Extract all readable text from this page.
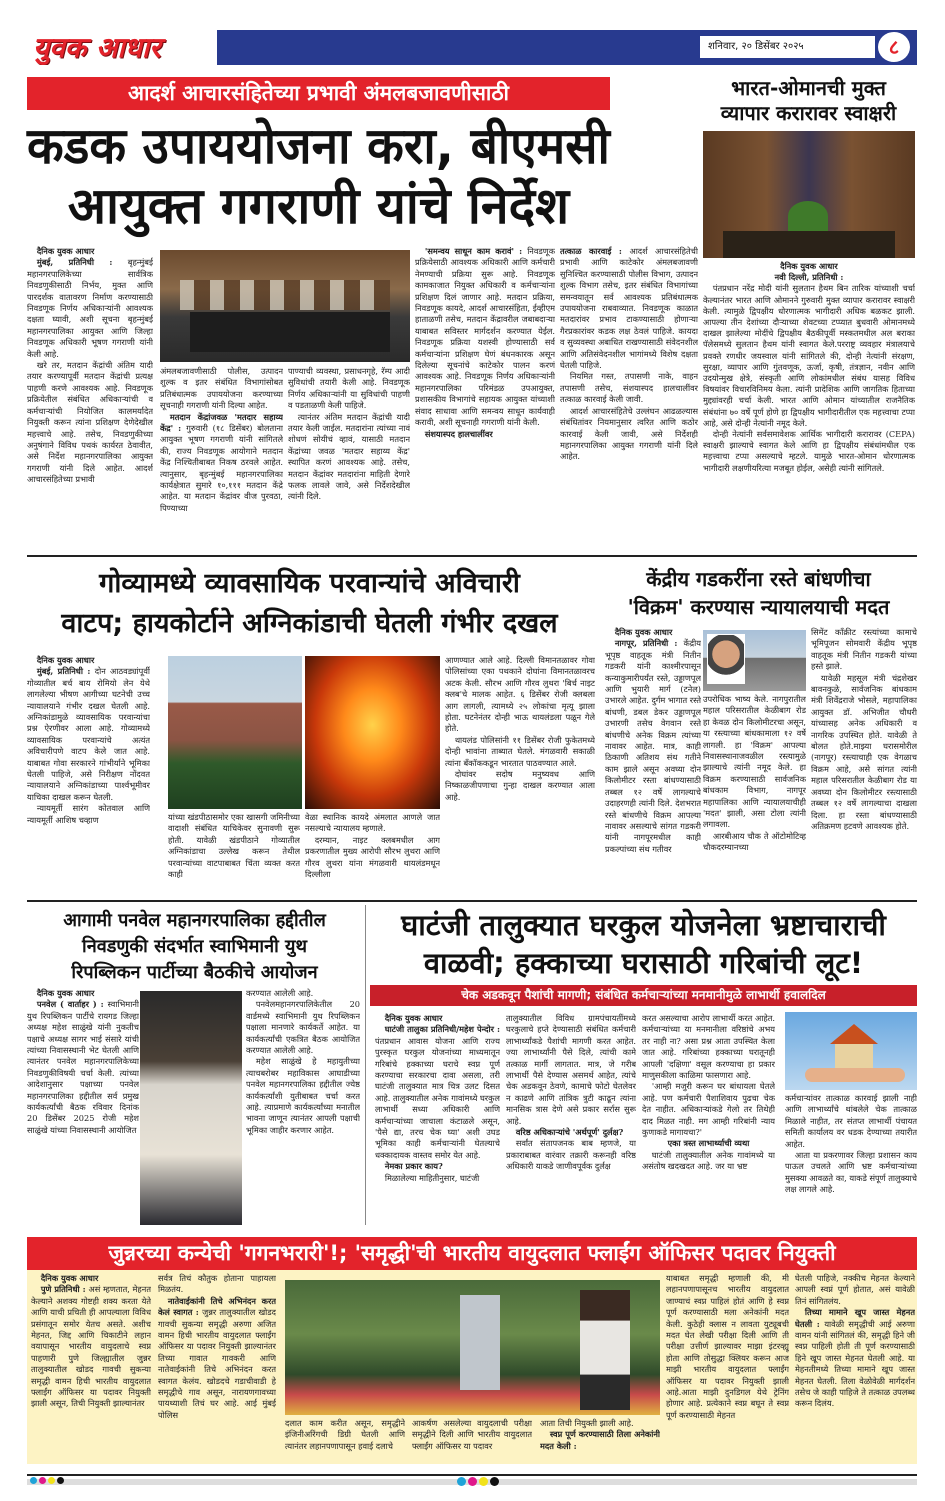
युवक आधार	शनिवार, २० डिसेंबर २०२५	८
आदर्श आचारसंहितेच्या प्रभावी अंमलबजावणीसाठी
कडक उपाययोजना करा, बीएमसी
आयुक्त गगराणी यांचे निर्देश

दैनिक युवक आधार

मुंबई, प्रतिनिधी : बृहन्मुंबई महानगरपालिकेच्या सार्वत्रिक निवडणुकीसाठी निर्भय, मुक्त आणि पारदर्शक वातावरण निर्माण करण्यासाठी निवडणूक निर्णय अधिकाऱ्यांनी आवश्यक दक्षता घ्यावी, अशी सूचना बृहन्मुंबई महानगरपालिका आयुक्त आणि जिल्हा निवडणूक अधिकारी भूषण गगराणी यांनी केली आहे.

खरे तर, मतदान केंद्रांची अंतिम यादी तयार करण्यापूर्वी मतदान केंद्रांची प्रत्यक्ष पाहणी करणे आवश्यक आहे. निवडणूक प्रक्रियेतील संबंधित अधिकाऱ्यांची व कर्मचाऱ्यांची नियोजित कालमर्यादेत नियुक्ती करून त्यांना प्रशिक्षण देणेदेखील महत्त्वाचे आहे. तसेच, निवडणुकीच्या अनुषंगाने विविध पथकं कार्यरत ठेवावीत, असे निर्देश महानगरपालिका आयुक्त गगराणी यांनी दिले आहेत. आदर्श आचारसंहितेच्या प्रभावी

अंमलबजावणीसाठी पोलीस, उत्पादन शुल्क व इतर संबंधित विभागांसोबत प्रतिबंधात्मक उपाययोजना करण्याच्या सूचनाही गगराणी यांनी दिल्या आहेत.

मतदान केंद्रांजवळ 'मतदार सहाय्य केंद्र' : गुरुवारी (१८ डिसेंबर) बोलताना आयुक्त भूषण गगराणी यांनी सांगितले की, राज्य निवडणूक आयोगाने मतदान केंद्र निश्चितीबाबत निकष ठरवले आहेत. त्यानुसार, बृहन्मुंबई महानगरपालिका कार्यक्षेत्रात सुमारे १०,१११ मतदान केंद्रे आहेत. या मतदान केंद्रांवर वीज पुरवठा, पिण्याच्या

पाण्याची व्यवस्था, प्रसाधनगृहे, रॅम्प आदी सुविधांची तयारी केली आहे. निवडणूक निर्णय अधिकाऱ्यांनी या सुविधांची पाहणी व पडताळणी केली पाहिजे.

त्यानंतर अंतिम मतदान केंद्रांची यादी तयार केली जाईल. मतदारांना त्यांच्या नावं शोधणं सोयीचं व्हावं, यासाठी मतदान केंद्रांच्या जवळ 'मतदार सहाय्य केंद्र' स्थापित करणं आवश्यक आहे. तसेच, मतदान केंद्रांवर मतदारांना माहिती देणारे फलक लावले जावे, असे निर्देशदेखील त्यांनी दिले.

'समन्वय साधून काम करावं' : निवडणूक प्रक्रियेसाठी आवश्यक अधिकारी आणि कर्मचारी नेमण्याची प्रक्रिया सुरू आहे. निवडणूक कामकाजात नियुक्त अधिकारी व कर्मचाऱ्यांना प्रशिक्षण दिलं जाणार आहे. मतदान प्रक्रिया, निवडणूक कायदे, आदर्श आचारसंहिता, ईव्हीएम हाताळणी तसेच, मतदान केंद्रावरील जबाबदाऱ्या याबाबत सविस्तर मार्गदर्शन करण्यात येईल. निवडणूक प्रक्रिया यशस्वी होण्यासाठी सर्व कर्मचाऱ्यांना प्रशिक्षण घेणं बंधनकारक असून दिलेल्या सूचनांचे काटेकोर पालन करणं आवश्यक आहे. निवडणूक निर्णय अधिकाऱ्यांनी महानगरपालिका परिमंडळ उपआयुक्त, प्रशासकीय विभागांचे सहायक आयुक्त यांच्याशी संवाद साधावा आणि समन्वय साधून कार्यवाही करावी, अशी सूचनाही गगराणी यांनी केली.

संशयास्पद हालचालींवर

तत्काळ कारवाई : आदर्श आचारसंहितेची प्रभावी आणि काटेकोर अंमलबजावणी सुनिश्चित करण्यासाठी पोलीस विभाग, उत्पादन शुल्क विभाग तसेच, इतर संबंधित विभागांच्या समन्वयातून सर्व आवश्यक प्रतिबंधात्मक उपाययोजना राबवाव्यात. निवडणूक काळात मतदारांवर प्रभाव टाकण्यासाठी होणाऱ्या गैरप्रकारांवर कडक लक्ष ठेवलं पाहिजे. कायदा व सुव्यवस्था अबाधित राखण्यासाठी संवेदनशील आणि अतिसंवेदनशील भागांमध्ये विशेष दक्षता घेतली पाहिजे.

नियमित गस्त, तपासणी नाके, वाहन तपासणी तसेच, संशयास्पद हालचालींवर तत्काळ कारवाई केली जावी.

आदर्श आचारसंहितेचे उल्लंघन आढळल्यास संबंधितांवर नियमानुसार त्वरित आणि कठोर कारवाई केली जावी, असे निर्देशही महानगरपालिका आयुक्त गगराणी यांनी दिले आहेत.

भारत-ओमानची मुक्त
व्यापार करारावर स्वाक्षरी

दैनिक युवक आधार

नवी दिल्ली, प्रतिनिधी :

पंतप्रधान नरेंद्र मोदी यांनी सुलतान हैथम बिन तारिक यांच्याशी चर्चा केल्यानंतर भारत आणि ओमानने गुरुवारी मुक्त व्यापार करारावर स्वाक्षरी केली. त्यामुळे द्विपक्षीय धोरणात्मक भागीदारी अधिक बळकट झाली. आपल्या तीन देशांच्या दौऱ्याच्या शेवटच्या टप्प्यात बुधवारी ओमानमध्ये दाखल झालेल्या मोदींचे द्विपक्षीय बैठकीपूर्वी मस्कतमधील अल बराका पॅलेसमध्ये सुलतान हैथम यांनी स्वागत केले.परराष्ट्र व्यवहार मंत्रालयाचे प्रवक्ते रणधीर जयस्वाल यांनी सांगितले की, दोन्ही नेत्यांनी संरक्षण, सुरक्षा, व्यापार आणि गुंतवणूक, ऊर्जा, कृषी, तंत्रज्ञान, नवीन आणि उदयोन्मुख क्षेत्रे, संस्कृती आणि लोकांमधील संबंध यासह विविध विषयांवर विचारविनिमय केला. त्यांनी प्रादेशिक आणि जागतिक हिताच्या मुद्द्यांवरही चर्चा केली. भारत आणि ओमान यांच्यातील राजनैतिक संबंधांना ७० वर्षे पूर्ण होणे हा द्विपक्षीय भागीदारीतील एक महत्त्वाचा टप्पा आहे, असे दोन्ही नेत्यांनी नमूद केले.

दोन्ही नेत्यांनी सर्वसमावेशक आर्थिक भागीदारी करारावर (CEPA) स्वाक्षरी झाल्याचे स्वागत केले आणि हा द्विपक्षीय संबंधांमधील एक महत्त्वाचा टप्पा असल्याचे म्हटले. यामुळे भारत-ओमान धोरणात्मक भागीदारी लक्षणीयरित्या मजबूत होईल, असेही त्यांनी सांगितले.

गोव्यामध्ये व्यावसायिक परवान्यांचे अविचारी
वाटप; हायकोर्टाने अग्निकांडाची घेतली गंभीर दखल

दैनिक युवक आधार

मुंबई, प्रतिनिधी : दोन आठवड्यांपूर्वी गोव्यातील बर्च बाय रोमियो लेन येथे लागलेल्या भीषण आगीच्या घटनेची उच्च न्यायालयाने गंभीर दखल घेतली आहे. अग्निकांडामुळे व्यावसायिक परवान्यांचा प्रश्न ऐरणीवर आला आहे. गोव्यामध्ये व्यावसायिक परवान्यांचे अत्यंत अविचारीपणे वाटप केले जात आहे. याबाबत गोवा सरकारने गांभीर्याने भूमिका घेतली पाहिजे, असे निरीक्षण नोंदवत न्यायालयाने अग्निकांडाच्या पार्श्वभूमीवर याचिका दाखल करून घेतली.

न्यायमूर्ती सारंग कोतवाल आणि न्यायमूर्ती आशिष चव्हाण	यांच्या खंडपीठासमोर एका खासगी जमिनीच्या वादाशी संबंधित याचिकेवर सुनावणी सुरू होती. यावेळी खंडपीठाने गोव्यातील अग्निकांडाचा उल्लेख करून तेथील परवान्यांच्या वाटपाबाबत चिंता व्यक्त करत काही

वेळा स्थानिक कायदे अंमलात आणले जात नसल्याचे न्यायालय म्हणाले.

दरम्यान, नाइट क्लबमधील आग प्रकरणातील मुख्य आरोपी सौरभ लुथरा आणि गौरव लुथरा यांना मंगळवारी थायलंडमधून दिल्लीला

आणण्यात आले आहे. दिल्ली विमानतळावर गोवा पोलिसांच्या एका पथकाने दोघांना विमानतळावरच अटक केली. सौरभ आणि गौरव लुथरा 'बिर्च नाइट क्लब'चे मालक आहेत. ६ डिसेंबर रोजी क्लबला आग लागली, त्यामध्ये २५ लोकांचा मृत्यू झाला होता. घटनेनंतर दोन्ही भाऊ थायलंडला पळून गेले होते.

थायलंड पोलिसांनी ११ डिसेंबर रोजी फुकेतमध्ये दोन्ही भावांना ताब्यात घेतले. मंगळवारी सकाळी त्यांना बँकॉककडून भारतात पाठवण्यात आले.

दोघांवर सदोष मनुष्यवध आणि निष्काळजीपणाचा गुन्हा दाखल करण्यात आला आहे.

केंद्रीय गडकरींना रस्ते बांधणीचा
'विक्रम' करण्यास न्यायालयाची मदत

दैनिक युवक आधार

नागपूर, प्रतिनिधी : केंद्रीय भूपृष्ठ वाहतूक मंत्री नितीन गडकरी यांनी काश्मीरपासून कन्याकुमारीपर्यंत रस्ते, उड्डाणपूल आणि भुयारी मार्ग (टनेल) उभारले आहेत. दुर्गम भागात रस्ते बांधणी, डबल डेकर उड्डाणपूल उभारणी तसेच वेगवान रस्ते बांधणीचे अनेक विक्रम त्यांच्या नावावर आहेत. मात्र, काही ठिकाणी अतिशय संथ गतीने काम झाले असून अवघ्या दोन किलोमीटर रस्ता बांधण्यासाठी तब्बल १२ वर्षे लागल्याचे उदाहरणही त्यांनी दिले. देशभरात रस्ते बांधणीचे विक्रम आपल्या नावावर असल्याचे सांगत गडकरी यांनी नागपूरमधील काही प्रकल्पांच्या संथ गतीवर

उपरोधिक भाष्य केले. नागपुरातील महाल परिसरातील केळीबाग रोड हा केवळ दोन किलोमीटरचा असून, या रस्त्याच्या बांधकामाला १२ वर्षे लागली. हा 'विक्रम' आपल्या निवासस्थानाजवळील रस्त्यामुळे झाल्याचे त्यांनी नमूद केले. हा विक्रम करण्यासाठी सार्वजनिक बांधकाम विभाग, नागपूर महापालिका आणि न्यायालयाचीही 'मदत' झाली, असा टोला त्यांनी लगावला.

आरबीआय चौक ते ऑटोमोटिव्ह चौकदरम्यानच्या

सिमेंट काँक्रीट रस्त्यांच्या कामाचे भूमिपूजन सोमवारी केंद्रीय भूपृष्ठ वाहतूक मंत्री नितीन गडकरी यांच्या हस्ते झाले.

यावेळी महसूल मंत्री चंद्रशेखर बावनकुळे, सार्वजनिक बांधकाम मंत्री शिवेंद्रराजे भोसले, महापालिका आयुक्त डॉ. अभिजीत चौधरी यांच्यासह अनेक अधिकारी व नागरिक उपस्थित होते. यावेळी ते बोलत होते.माझ्या घरासमोरील (नागपूर) रस्त्याचाही एक वेगळाच विक्रम आहे, असे सांगत त्यांनी महाल परिसरातील केळीबाग रोड या अवघ्या दोन किलोमीटर रस्त्यासाठी तब्बल १२ वर्षे लागल्याचा दाखला दिला. हा रस्ता बांधण्यासाठी अतिक्रमण हटवणे आवश्यक होते.

आगामी पनवेल महानगरपालिका हद्दीतील
निवडणुकी संदर्भात स्वाभिमानी युथ
रिपब्लिकन पार्टीच्या बैठकीचे आयोजन

दैनिक युवक आधार

पनवेल ( वार्ताहर ) : स्वाभिमानी युथ रिपब्लिकन पार्टीचे रायगड जिल्हा अध्यक्ष महेश साळुंखे यांनी नुकतीच पक्षाचे अध्यक्ष सागर भाई संसारे यांची त्यांच्या निवासस्थानी भेट घेतली आणि त्यानंतर पनवेल महानगरपालिकेच्या निवडणुकीविषयी चर्चा केली. त्यांच्या आदेशानुसार पक्षाच्या पनवेल महानगरपालिका हद्दीतील सर्व प्रमुख कार्यकर्त्यांची बैठक रविवार दिनांक 20 डिसेंबर 2025 रोजी महेश साळुंखे यांच्या निवासस्थानी आयोजित

करण्यात आलेली आहे.

पनवेलमहानगरपालिकेतील 20 वार्डमध्ये स्वाभिमानी युथ रिपब्लिकन पक्षाला मानणारे कार्यकर्ते आहेत. या कार्यकर्त्यांची एकत्रित बैठक आयोजित करण्यात आलेली आहे.

महेश साळुंखे हे महायुतीच्या त्याचबरोबर महाविकास आघाडीच्या पनवेल महानगरपालिका हद्दीतील ज्येष्ठ कार्यकर्त्यांशी युतीबाबत चर्चा करत आहे. त्याप्रमाणे कार्यकर्त्यांच्या मनातील भावना जाणून त्यानंतर आपली पक्षाची भूमिका जाहीर करणार आहेत.

घाटंजी तालुक्यात घरकुल योजनेला भ्रष्टाचाराची
वाळवी; हक्काच्या घरासाठी गरिबांची लूट!
चेक अडकवून पैशांची मागणी; संबंधित कर्मचाऱ्यांच्या मनमानीमुळे लाभार्थी हवालदिल

दैनिक युवक आधार

घाटंजी तालुका प्रतिनिधी/महेश पेन्दोर : पंतप्रधान आवास योजना आणि राज्य पुरस्कृत घरकुल योजनांच्या माध्यमातून गरिबांचे हक्काच्या घराचे स्वप्न पूर्ण करण्याचा सरकारचा दावा असला, तरी घाटंजी तालुक्यात मात्र चित्र उलट दिसत आहे. तालुक्यातील अनेक गावांमध्ये घरकुल लाभार्थी सध्या अधिकारी आणि कर्मचाऱ्यांच्या जाचाला कंटाळले असून, 'पैसे द्या, तरच चेक घ्या' अशी उघड भूमिका काही कर्मचाऱ्यांनी घेतल्याचे धक्कादायक वास्तव समोर येत आहे.

नेमका प्रकार काय?

मिळालेल्या माहितीनुसार, घाटंजी

तालुक्यातील विविध ग्रामपंचायतींमध्ये घरकुलाचे हप्ते देण्यासाठी संबंधित कर्मचारी लाभार्थ्यांकडे पैशांची मागणी करत आहेत. ज्या लाभार्थ्यांनी पैसे दिले, त्यांची कामे तत्काळ मार्गी लागतात. मात्र, जे गरीब लाभार्थी पैसे देण्यास असमर्थ आहेत, त्यांचे चेक अडकवून ठेवणे, कामाचे फोटो घेतलेवर न काढणे आणि तांत्रिक त्रुटी काढून त्यांना मानसिक त्रास देणे असे प्रकार सर्रास सुरू आहे.

वरिष्ठ अधिकाऱ्यांचे 'अर्थपूर्ण' दुर्लक्ष?

सर्वांत संतापजनक बाब म्हणजे, या प्रकाराबाबत वारंवार तक्रारी करूनही वरिष्ठ अधिकारी याकडे जाणीवपूर्वक दुर्लक्ष

करत असल्याचा आरोप लाभार्थी करत आहेत. कर्मचाऱ्यांच्या या मनमानीला वरिष्ठांचे अभय तर नाही ना? असा प्रश्न आता उपस्थित केला जात आहे. गरिबांच्या हक्काच्या घरातूनही आपली 'दक्षिणा' वसूल करण्याचा हा प्रकार माणुसकीला काळिमा फासणारा आहे.

'आम्ही मजुरी करून घर बांधायला घेतले आहे. पण कर्मचारी पैशाशिवाय पुढचा चेक देत नाहीत. अधिकाऱ्यांकडे गेलो तर तिथेही दाद मिळत नाही. मग आम्ही गरिबांनी न्याय कुणाकडे मागायचा?'

एका त्रस्त लाभार्थ्याची व्यथा

घाटंजी तालुक्यातील अनेक गावांमध्ये या असंतोष खदखदत आहे. जर या भ्रष्ट

कर्मचाऱ्यांवर तात्काळ कारवाई झाली नाही आणि लाभार्थ्यांचे थांबलेले चेक तात्काळ मिळाले नाहीत, तर संतप्त लाभार्थी पंचायत समिती कार्यालय वर धडक देण्याच्या तयारीत आहेत.

आता या प्रकरणावर जिल्हा प्रशासन काय पाऊल उचलते आणि भ्रष्ट कर्मचाऱ्यांच्या मुसक्या आवळते का, याकडे संपूर्ण तालुक्याचे लक्ष लागले आहे.

जुन्नरच्या कन्येची 'गगनभरारी'!; 'समृद्धी'ची भारतीय वायुदलात फ्लाईंग ऑफिसर पदावर नियुक्ती

दैनिक युवक आधार

पुणे प्रतिनिधी : असं म्हणतात, मेहनत केल्याने अशक्य गोष्टही शक्य करता येते आणि याची प्रचिती ही आपल्याला विविध प्रसंगातून समोर येतच असते. अशीच मेहनत, जिद्द आणि चिकाटीने लहान वयापासून भारतीय वायुदलाचे स्वप्न पाहणारी पुणे जिल्ह्यातील जुन्नर तालुक्यातील खोडद गावची सुकन्या समृद्धी वामन हिची भारतीय वायुदलात फ्लाईंग ऑफिसर या पदावर नियुक्ती झाली असून, तिची नियुक्ती झाल्यानंतर

सर्वत्र तिचं कौतुक होताना पाहायला मिळतंय.

नातेवाईकांनी तिचे अभिनंदन करत केलं स्वागत : जुन्नर तालुक्यातील खोडद गावची सुकन्या समृद्धी अरुणा अजित वामन हिची भारतीय वायुदलात फ्लाईंग ऑफिसर या पदावर नियुक्ती झाल्यानंतर तिच्या गावात गावकरी आणि नातेवाईकांनी तिचे अभिनंदन करत स्वागत केलंय. खोडदचे गडाचीवाडी हे समृद्धीचे गाव असून, नारायणगावच्या पायथ्याशी तिचं घर आहे. आई मुंबई पोलिस

दलात काम करीत असून, समृद्धीने इंजिनीअरिंगची डिग्री घेतली आणि त्यानंतर लहानपणापासून हवाई दलाचे

आकर्षण असलेल्या वायुदलाची परीक्षा समृद्धीने दिली आणि भारतीय वायुदलात फ्लाईंग ऑफिसर या पदावर

आता तिची नियुक्ती झाली आहे.

स्वप्न पूर्ण करण्यासाठी तिला अनेकांनी मदत केली :

याबाबत समृद्धी म्हणाली की, मी लहानपणापासूनच भारतीय वायुदलात जाण्याचं स्वप्न पाहिलं होतं आणि हे स्वप्न पूर्ण करण्यासाठी मला अनेकांनी मदत केली. कुठेही क्लास न लावता युट्यूबची मदत घेत लेखी परीक्षा दिली आणि ती परीक्षा उत्तीर्ण झाल्यावर माझा इंटरव्ह्यू होता आणि तोसुद्धा क्लियर करून आज माझी भारतीय वायुदलात फ्लाईंग ऑफिसर या पदावर नियुक्ती झाली आहे.आता माझी दुनडिगल येथे ट्रेनिंग होणार आहे. प्रत्येकाने स्वप्न बघून ते स्वप्न पूर्ण करण्यासाठी मेहनत

घेतली पाहिजे, नक्कीच मेहनत केल्याने आपली स्वप्नं पूर्ण होतात, असं यावेळी तिनं सांगितलंय.

तिच्या मामाने खूप जास्त मेहनत घेतली : यावेळी समृद्धीची आई अरुणा वामन यांनी सांगितलं की, समृद्धी हिने जी स्वप्न पाहिली होती ती पूर्ण करण्यासाठी हिने खूप जास्त मेहनत घेतली आहे. या मेहनतीमध्ये तिच्या मामाने खूप जास्त मेहनत घेतली. तिला वेळोवेळी मार्गदर्शन तसेच जे काही पाहिजे ते तत्काळ उपलब्ध करून दिलंय.
